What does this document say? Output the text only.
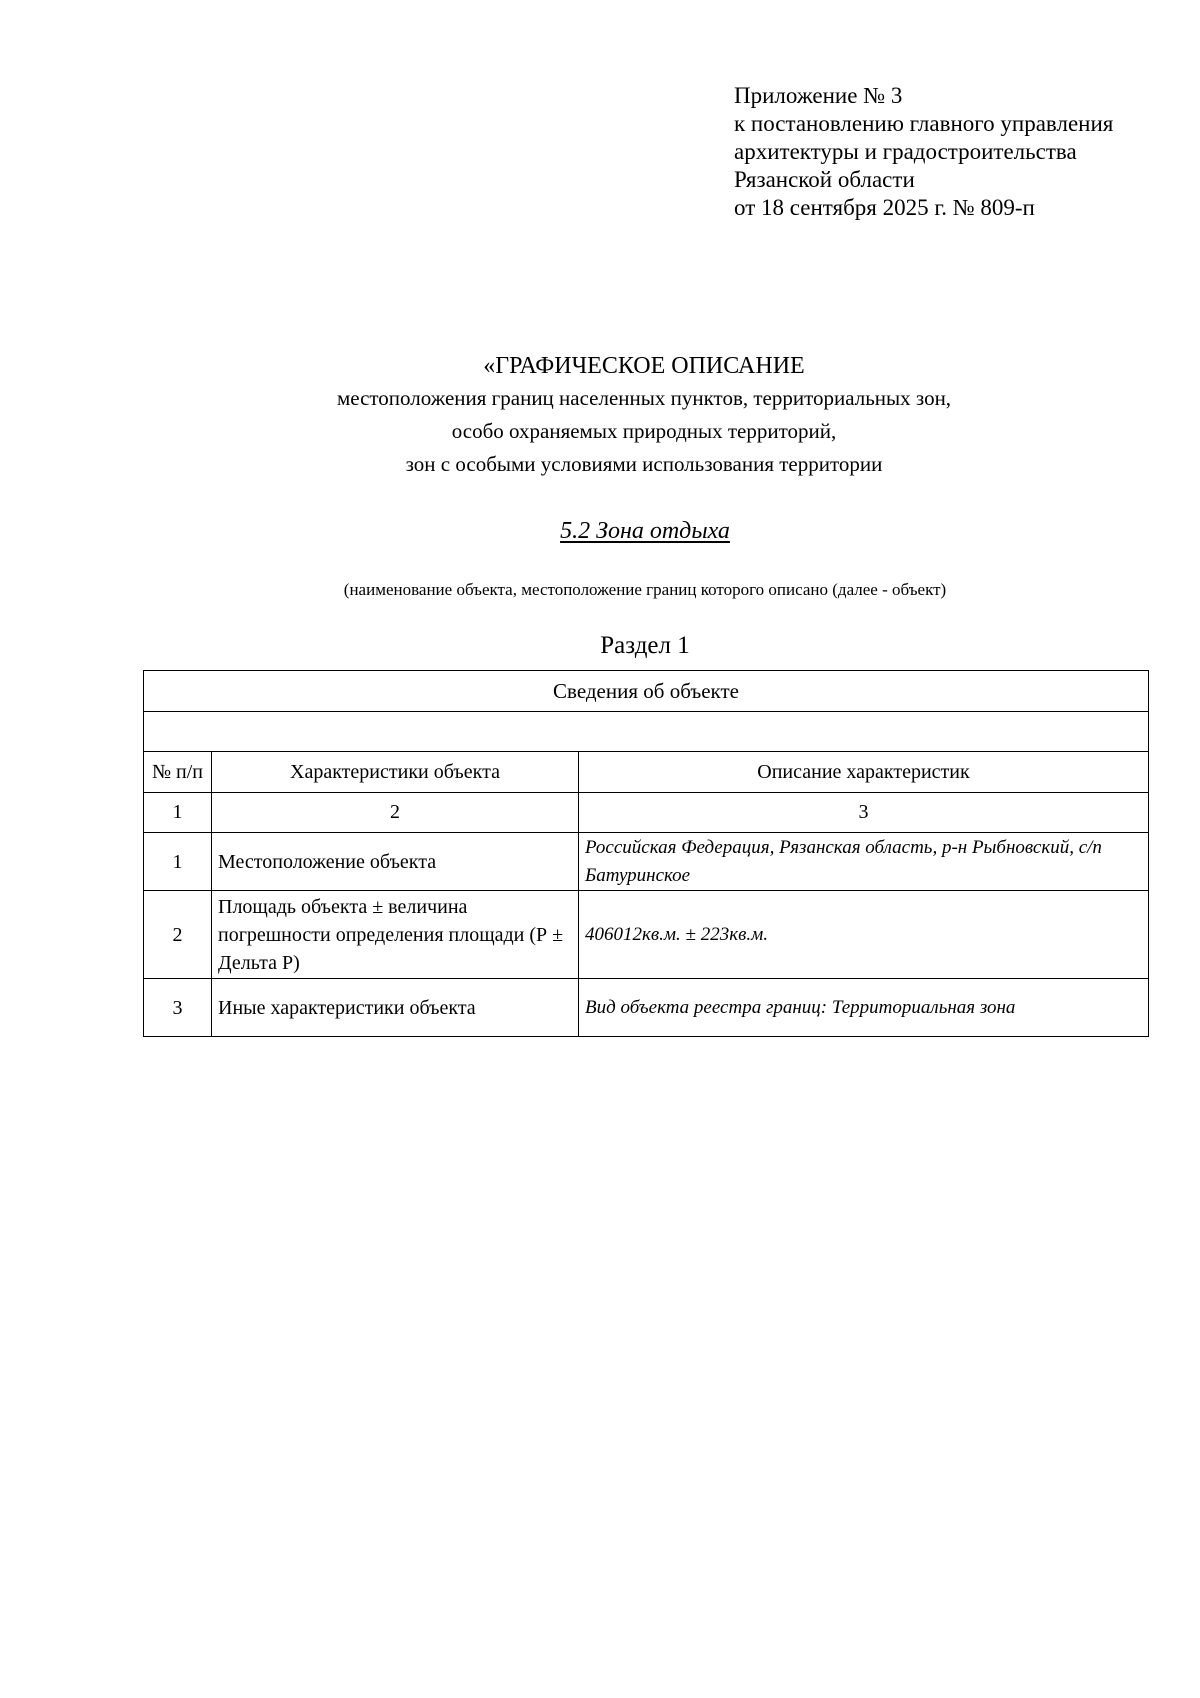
Приложение № 3
к постановлению главного управления
архитектуры и градостроительства
Рязанской области
от 18 сентября 2025 г. № 809-п
«ГРАФИЧЕСКОЕ ОПИСАНИЕ
местоположения границ населенных пунктов, территориальных зон,
особо охраняемых природных территорий,
зон с особыми условиями использования территории
5.2 Зона отдыха
(наименование объекта, местоположение границ которого описано (далее - объект)
Раздел 1
Сведения об объекте		

№ п/п	Характеристики объекта	Описание характеристик
1	2	3
1	Местоположение объекта	Российская Федерация, Рязанская область, р-н Рыбновский, с/п Батуринское
2	Площадь объекта ± величина погрешности определения площади (Р ± Дельта Р)	406012кв.м. ± 223кв.м.
3	Иные характеристики объекта	Вид объекта реестра границ: Территориальная зона
